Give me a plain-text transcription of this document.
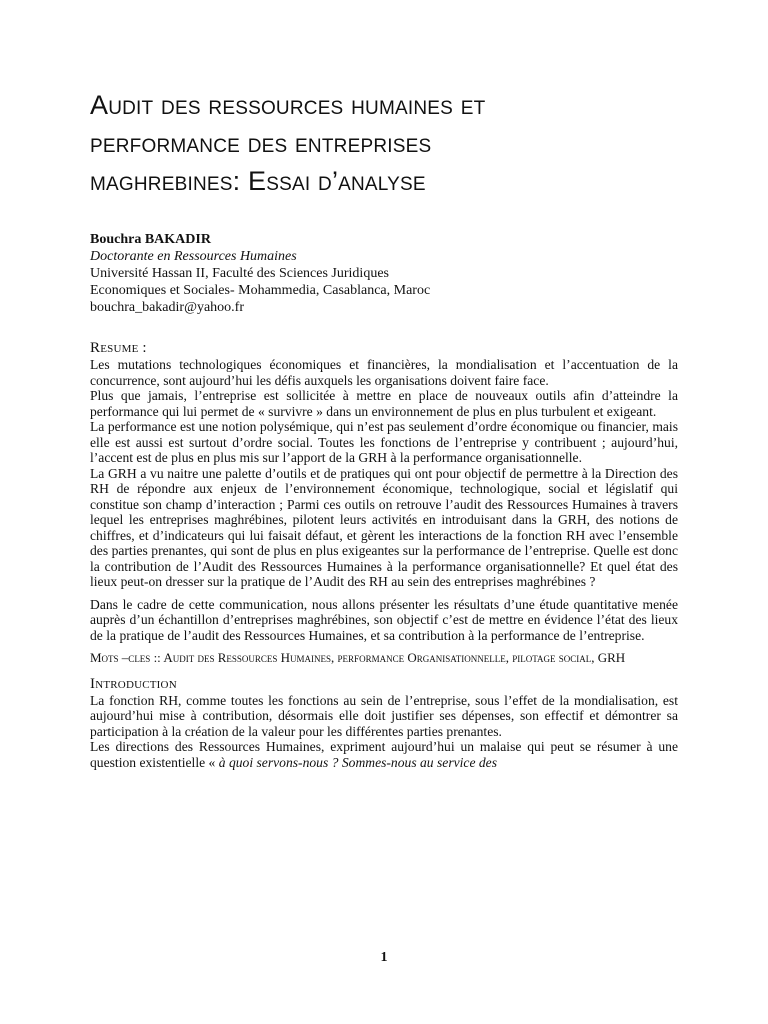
Audit des ressources humaines et
performance des entreprises
maghrebines: Essai d’analyse
Bouchra BAKADIR
Doctorante en Ressources Humaines
Université Hassan II, Faculté des Sciences Juridiques
Economiques et Sociales- Mohammedia, Casablanca, Maroc
bouchra_bakadir@yahoo.fr
Resume :

Les mutations technologiques économiques et financières, la mondialisation et l’accentuation de la concurrence, sont aujourd’hui les défis auxquels les organisations doivent faire face.

Plus que jamais, l’entreprise est sollicitée à mettre en place de nouveaux outils afin d’atteindre la performance qui lui permet de « survivre » dans un environnement de plus en plus turbulent et exigeant.

La performance est une notion polysémique, qui n’est pas seulement d’ordre économique ou financier, mais elle est aussi est surtout d’ordre social. Toutes les fonctions de l’entreprise y contribuent ; aujourd’hui, l’accent est de plus en plus mis sur l’apport de la GRH à la performance organisationnelle.

La GRH a vu naitre une palette d’outils et de pratiques qui ont pour objectif de permettre à la Direction des RH de répondre aux enjeux de l’environnement économique, technologique, social et législatif qui constitue son champ d’interaction ; Parmi ces outils on retrouve l’audit des Ressources Humaines à travers lequel les entreprises maghrébines, pilotent leurs activités en introduisant dans la GRH, des notions de chiffres, et d’indicateurs qui lui faisait défaut, et gèrent les interactions de la fonction RH avec l’ensemble des parties prenantes, qui sont de plus en plus exigeantes sur la performance de l’entreprise. Quelle est donc la contribution de l’Audit des Ressources Humaines à la performance organisationnelle? Et quel état des lieux peut-on dresser sur la pratique de l’Audit des RH au sein des entreprises maghrébines ?

Dans le cadre de cette communication, nous allons présenter les résultats d’une étude quantitative menée auprès d’un échantillon d’entreprises maghrébines, son objectif c’est de mettre en évidence l’état des lieux de la pratique de l’audit des Ressources Humaines, et sa contribution à la performance de l’entreprise.

Mots –cles :: Audit des Ressources Humaines, performance Organisationnelle, pilotage social, GRH
Introduction

La fonction RH, comme toutes les fonctions au sein de l’entreprise, sous l’effet de la mondialisation, est aujourd’hui mise à contribution, désormais elle doit justifier ses dépenses, son effectif et démontrer sa participation à la création de la valeur pour les différentes parties prenantes.

Les directions des Ressources Humaines, expriment aujourd’hui un malaise qui peut se résumer à une question existentielle « à quoi servons-nous ? Sommes-nous au service des

1
